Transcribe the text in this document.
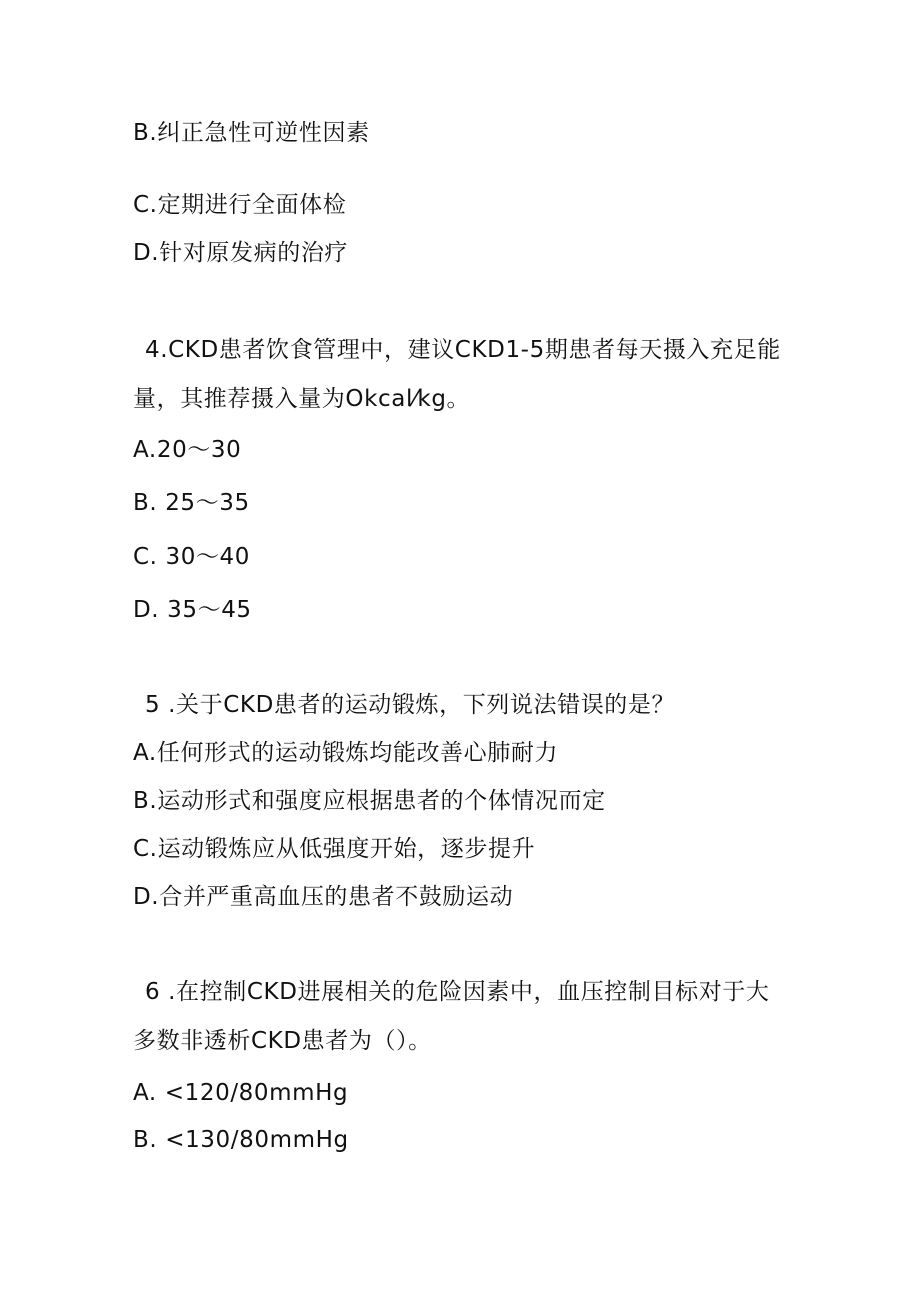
B.纠正急性可逆性因素
C.定期进行全面体检
D.针对原发病的治疗
4.CKD患者饮食管理中，建议CKD1-5期患者每天摄入充足能
量，其推荐摄入量为Okcal⁄kg。
A.20〜30
B. 25〜35
C. 30〜40
D. 35〜45
5 .关于CKD患者的运动锻炼，下列说法错误的是？
A.任何形式的运动锻炼均能改善心肺耐力
B.运动形式和强度应根据患者的个体情况而定
C.运动锻炼应从低强度开始，逐步提升
D.合并严重高血压的患者不鼓励运动
6 .在控制CKD进展相关的危险因素中，血压控制目标对于大
多数非透析CKD患者为（）。
A. <120/80mmHg
B. <130/80mmHg
